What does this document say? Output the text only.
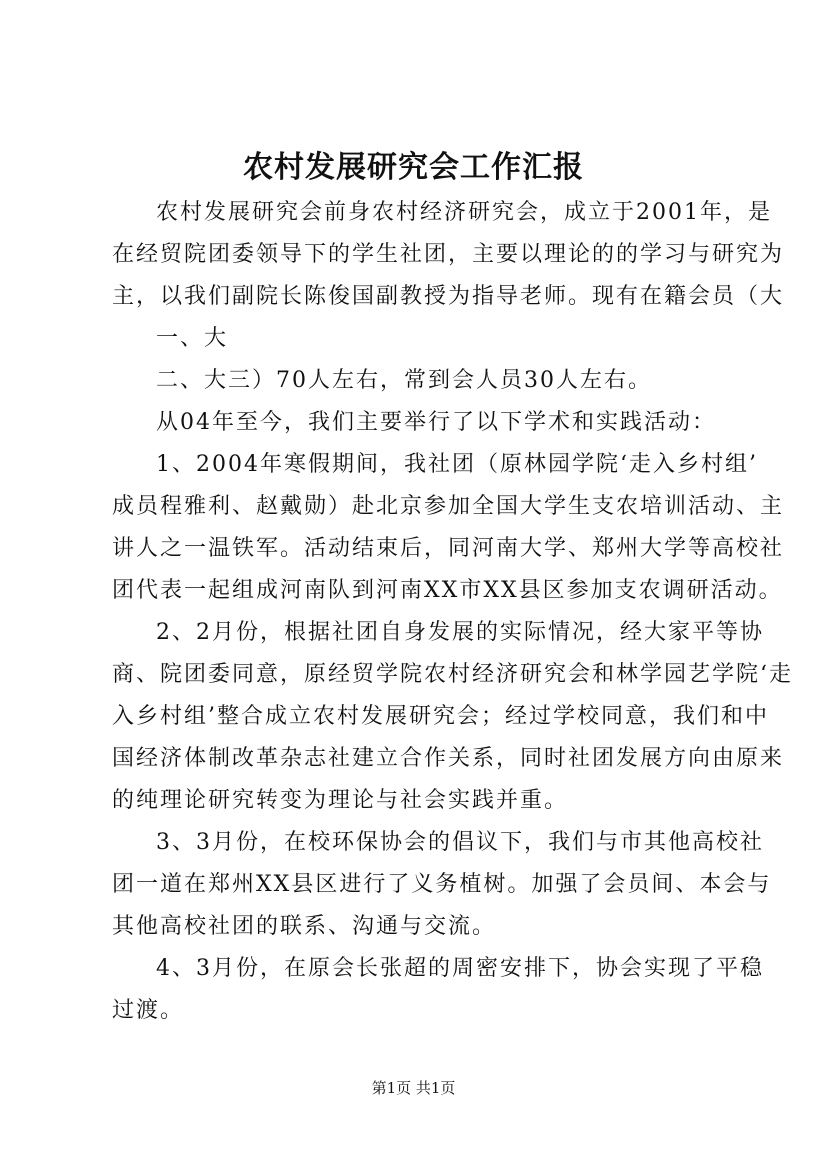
农村发展研究会工作汇报
农村发展研究会前身农村经济研究会，成立于2001年，是
在经贸院团委领导下的学生社团，主要以理论的的学习与研究为
主，以我们副院长陈俊国副教授为指导老师。现有在籍会员（大
一、大
二、大三）70人左右，常到会人员30人左右。
从04年至今，我们主要举行了以下学术和实践活动：
1、2004年寒假期间，我社团（原林园学院‘走入乡村组’
成员程雅利、赵戴勋）赴北京参加全国大学生支农培训活动、主
讲人之一温铁军。活动结束后，同河南大学、郑州大学等高校社
团代表一起组成河南队到河南XX市XX县区参加支农调研活动。
2、2月份，根据社团自身发展的实际情况，经大家平等协
商、院团委同意，原经贸学院农村经济研究会和林学园艺学院‘走
入乡村组’整合成立农村发展研究会；经过学校同意，我们和中
国经济体制改革杂志社建立合作关系，同时社团发展方向由原来
的纯理论研究转变为理论与社会实践并重。
3、3月份，在校环保协会的倡议下，我们与市其他高校社
团一道在郑州XX县区进行了义务植树。加强了会员间、本会与
其他高校社团的联系、沟通与交流。
4、3月份，在原会长张超的周密安排下，协会实现了平稳
过渡。
第1页 共1页
